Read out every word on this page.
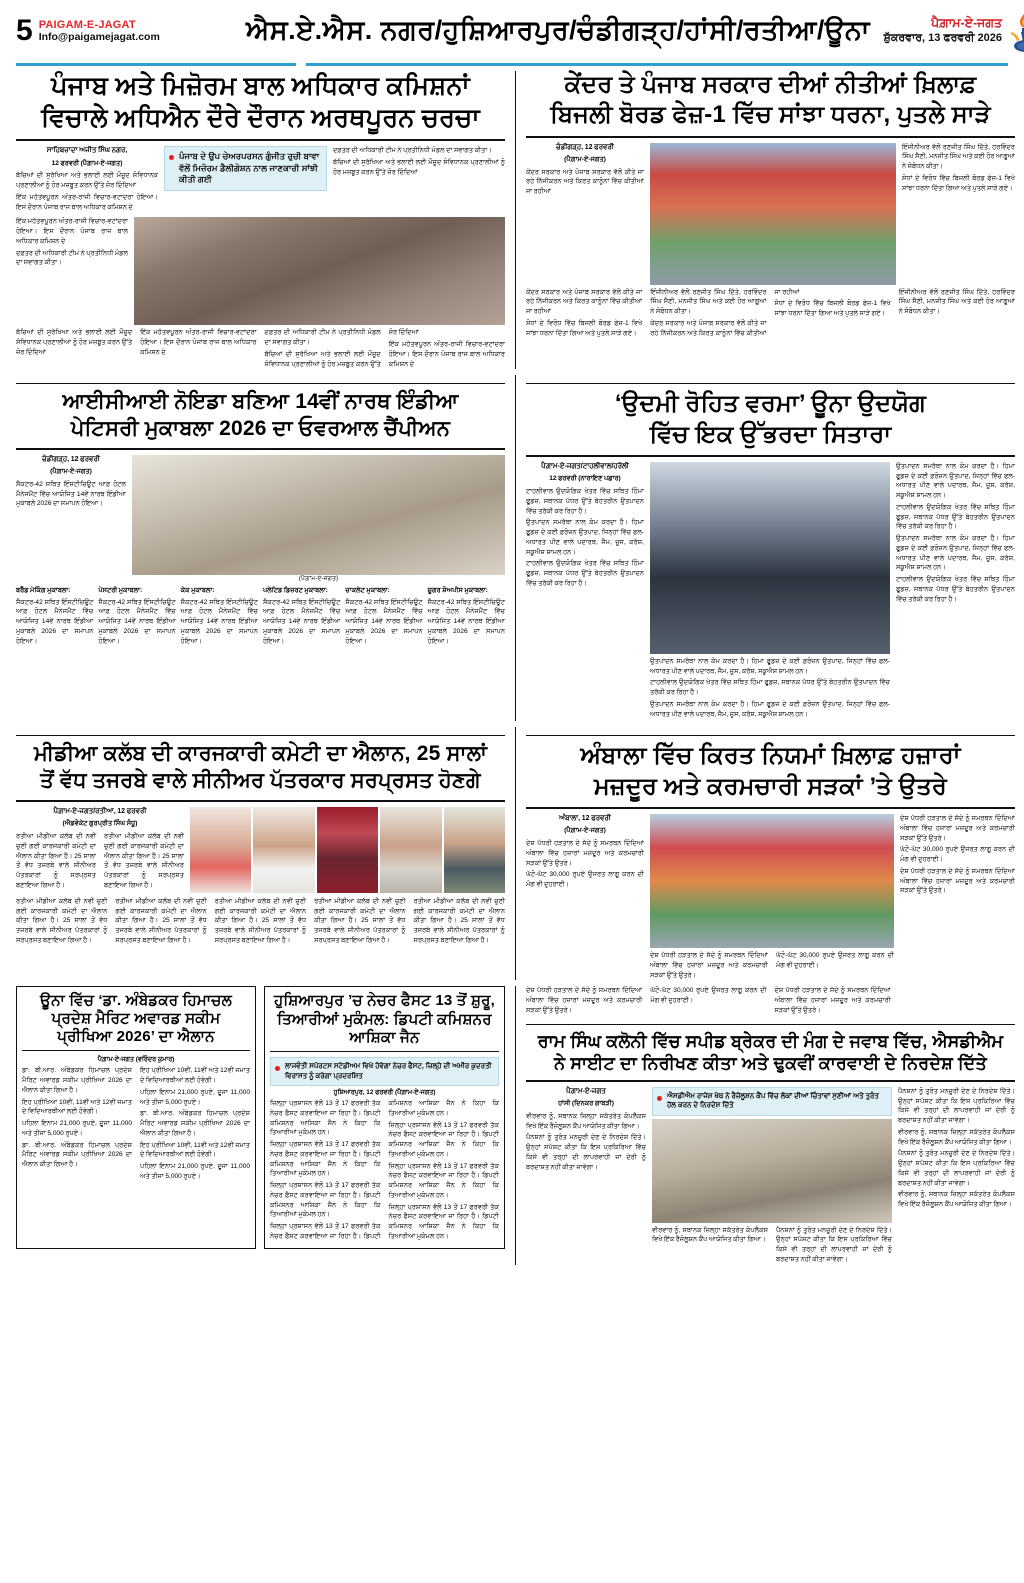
5 PAIGAM-E-JAGAT
Info@paigamejagat.com	ਐਸ.ਏ.ਐਸ. ਨਗਰ/ਹੁਸ਼ਿਆਰਪੁਰ/ਚੰਡੀਗੜ੍ਹ/ਹਾਂਸੀ/ਰਤੀਆ/ਊਨਾ	ਪੈਗ਼ਾਮ-ਏ-ਜਗਤ
ਸ਼ੁੱਕਰਵਾਰ, 13 ਫਰਵਰੀ 2026
ਪੰਜਾਬ ਅਤੇ ਮਿਜ਼ੋਰਮ ਬਾਲ ਅਧਿਕਾਰ ਕਮਿਸ਼ਨਾਂ
ਵਿਚਾਲੇ ਅਧਿਐਨ ਦੌਰੇ ਦੌਰਾਨ ਅਰਥਪੂਰਨ ਚਰਚਾ
ਸਾਹਿਬਜ਼ਾਦਾ ਅਜੀਤ ਸਿੰਘ ਨਗਰ,
12 ਫਰਵਰੀ (ਪੈਗ਼ਾਮ-ਏ-ਜਗਤ)

ਬੱਚਿਆਂ ਦੀ ਸੁਰੱਖਿਆ ਅਤੇ ਭਲਾਈ ਲਈ ਮੌਜੂਦ ਸੰਵਿਧਾਨਕ ਪ੍ਰਣਾਲੀਆਂ ਨੂੰ ਹੋਰ ਮਜ਼ਬੂਤ ਕਰਨ ਉੱਤੇ ਜ਼ੋਰ ਦਿੰਦਿਆਂ

ਇੱਕ ਮਹੱਤਵਪੂਰਨ ਅੰਤਰ-ਰਾਜੀ ਵਿਚਾਰ-ਵਟਾਂਦਰਾ ਹੋਇਆ। ਇਸ ਦੌਰਾਨ ਪੰਜਾਬ ਰਾਜ ਬਾਲ ਅਧਿਕਾਰ ਕਮਿਸ਼ਨ ਦੇ

ਪੰਜਾਬ ਦੇ ਉਪ ਚੇਅਰਪਰਸਨ ਗੁੰਜੀਤ ਰੁਚੀ ਬਾਵਾ ਵੱਲੋਂ ਮਿਜ਼ੋਰਮ ਡੈਲੀਗੇਸ਼ਨ ਨਾਲ ਜਾਣਕਾਰੀ ਸਾਂਝੀ ਕੀਤੀ ਗਈ

ਦਫ਼ਤਰ ਦੀ ਅਧਿਕਾਰੀ ਟੀਮ ਨੇ ਪ੍ਰਤੀਨਿਧੀ ਮੰਡਲ ਦਾ ਸਵਾਗਤ ਕੀਤਾ।

ਬੱਚਿਆਂ ਦੀ ਸੁਰੱਖਿਆ ਅਤੇ ਭਲਾਈ ਲਈ ਮੌਜੂਦ ਸੰਵਿਧਾਨਕ ਪ੍ਰਣਾਲੀਆਂ ਨੂੰ ਹੋਰ ਮਜ਼ਬੂਤ ਕਰਨ ਉੱਤੇ ਜ਼ੋਰ ਦਿੰਦਿਆਂ

ਇੱਕ ਮਹੱਤਵਪੂਰਨ ਅੰਤਰ-ਰਾਜੀ ਵਿਚਾਰ-ਵਟਾਂਦਰਾ ਹੋਇਆ। ਇਸ ਦੌਰਾਨ ਪੰਜਾਬ ਰਾਜ ਬਾਲ ਅਧਿਕਾਰ ਕਮਿਸ਼ਨ ਦੇ

ਦਫ਼ਤਰ ਦੀ ਅਧਿਕਾਰੀ ਟੀਮ ਨੇ ਪ੍ਰਤੀਨਿਧੀ ਮੰਡਲ ਦਾ ਸਵਾਗਤ ਕੀਤਾ।

ਬੱਚਿਆਂ ਦੀ ਸੁਰੱਖਿਆ ਅਤੇ ਭਲਾਈ ਲਈ ਮੌਜੂਦ ਸੰਵਿਧਾਨਕ ਪ੍ਰਣਾਲੀਆਂ ਨੂੰ ਹੋਰ ਮਜ਼ਬੂਤ ਕਰਨ ਉੱਤੇ ਜ਼ੋਰ ਦਿੰਦਿਆਂ

ਇੱਕ ਮਹੱਤਵਪੂਰਨ ਅੰਤਰ-ਰਾਜੀ ਵਿਚਾਰ-ਵਟਾਂਦਰਾ ਹੋਇਆ। ਇਸ ਦੌਰਾਨ ਪੰਜਾਬ ਰਾਜ ਬਾਲ ਅਧਿਕਾਰ ਕਮਿਸ਼ਨ ਦੇ

ਦਫ਼ਤਰ ਦੀ ਅਧਿਕਾਰੀ ਟੀਮ ਨੇ ਪ੍ਰਤੀਨਿਧੀ ਮੰਡਲ ਦਾ ਸਵਾਗਤ ਕੀਤਾ।

ਬੱਚਿਆਂ ਦੀ ਸੁਰੱਖਿਆ ਅਤੇ ਭਲਾਈ ਲਈ ਮੌਜੂਦ ਸੰਵਿਧਾਨਕ ਪ੍ਰਣਾਲੀਆਂ ਨੂੰ ਹੋਰ ਮਜ਼ਬੂਤ ਕਰਨ ਉੱਤੇ ਜ਼ੋਰ ਦਿੰਦਿਆਂ

ਇੱਕ ਮਹੱਤਵਪੂਰਨ ਅੰਤਰ-ਰਾਜੀ ਵਿਚਾਰ-ਵਟਾਂਦਰਾ ਹੋਇਆ। ਇਸ ਦੌਰਾਨ ਪੰਜਾਬ ਰਾਜ ਬਾਲ ਅਧਿਕਾਰ ਕਮਿਸ਼ਨ ਦੇ

ਕੇਂਦਰ ਤੇ ਪੰਜਾਬ ਸਰਕਾਰ ਦੀਆਂ ਨੀਤੀਆਂ ਖ਼ਿਲਾਫ਼
ਬਿਜਲੀ ਬੋਰਡ ਫੇਜ਼-1 ਵਿੱਚ ਸਾਂਝਾ ਧਰਨਾ, ਪੁਤਲੇ ਸਾੜੇ
ਚੰਡੀਗੜ੍ਹ, 12 ਫਰਵਰੀ
(ਪੈਗ਼ਾਮ-ਏ-ਜਗਤ)

ਕੇਂਦਰ ਸਰਕਾਰ ਅਤੇ ਪੰਜਾਬ ਸਰਕਾਰ ਵੱਲੋਂ ਕੀਤੇ ਜਾ ਰਹੇ ਨਿੱਜੀਕਰਨ ਅਤੇ ਕਿਰਤ ਕਾਨੂੰਨਾਂ ਵਿੱਚ ਕੀਤੀਆਂ ਜਾ ਰਹੀਆਂ

ਇੰਜੀਨੀਅਰ ਵੱਲੋਂ ਰਣਜੀਤ ਸਿੰਘ ਦਿੱਤੇ, ਹਰਵਿੰਦਰ ਸਿੰਘ ਸੈਣੀ, ਮਨਜੀਤ ਸਿੰਘ ਅਤੇ ਕਈ ਹੋਰ ਆਗੂਆਂ ਨੇ ਸੰਬੋਧਨ ਕੀਤਾ।

ਸੋਧਾਂ ਦੇ ਵਿਰੋਧ ਵਿੱਚ ਬਿਜਲੀ ਬੋਰਡ ਫੇਜ਼-1 ਵਿਖੇ ਸਾਂਝਾ ਧਰਨਾ ਦਿੱਤਾ ਗਿਆ ਅਤੇ ਪੁਤਲੇ ਸਾੜੇ ਗਏ।

ਕੇਂਦਰ ਸਰਕਾਰ ਅਤੇ ਪੰਜਾਬ ਸਰਕਾਰ ਵੱਲੋਂ ਕੀਤੇ ਜਾ ਰਹੇ ਨਿੱਜੀਕਰਨ ਅਤੇ ਕਿਰਤ ਕਾਨੂੰਨਾਂ ਵਿੱਚ ਕੀਤੀਆਂ ਜਾ ਰਹੀਆਂ

ਸੋਧਾਂ ਦੇ ਵਿਰੋਧ ਵਿੱਚ ਬਿਜਲੀ ਬੋਰਡ ਫੇਜ਼-1 ਵਿਖੇ ਸਾਂਝਾ ਧਰਨਾ ਦਿੱਤਾ ਗਿਆ ਅਤੇ ਪੁਤਲੇ ਸਾੜੇ ਗਏ।

ਇੰਜੀਨੀਅਰ ਵੱਲੋਂ ਰਣਜੀਤ ਸਿੰਘ ਦਿੱਤੇ, ਹਰਵਿੰਦਰ ਸਿੰਘ ਸੈਣੀ, ਮਨਜੀਤ ਸਿੰਘ ਅਤੇ ਕਈ ਹੋਰ ਆਗੂਆਂ ਨੇ ਸੰਬੋਧਨ ਕੀਤਾ।

ਕੇਂਦਰ ਸਰਕਾਰ ਅਤੇ ਪੰਜਾਬ ਸਰਕਾਰ ਵੱਲੋਂ ਕੀਤੇ ਜਾ ਰਹੇ ਨਿੱਜੀਕਰਨ ਅਤੇ ਕਿਰਤ ਕਾਨੂੰਨਾਂ ਵਿੱਚ ਕੀਤੀਆਂ ਜਾ ਰਹੀਆਂ

ਸੋਧਾਂ ਦੇ ਵਿਰੋਧ ਵਿੱਚ ਬਿਜਲੀ ਬੋਰਡ ਫੇਜ਼-1 ਵਿਖੇ ਸਾਂਝਾ ਧਰਨਾ ਦਿੱਤਾ ਗਿਆ ਅਤੇ ਪੁਤਲੇ ਸਾੜੇ ਗਏ।

ਇੰਜੀਨੀਅਰ ਵੱਲੋਂ ਰਣਜੀਤ ਸਿੰਘ ਦਿੱਤੇ, ਹਰਵਿੰਦਰ ਸਿੰਘ ਸੈਣੀ, ਮਨਜੀਤ ਸਿੰਘ ਅਤੇ ਕਈ ਹੋਰ ਆਗੂਆਂ ਨੇ ਸੰਬੋਧਨ ਕੀਤਾ।

ਆਈਸੀਆਈ ਨੋਇਡਾ ਬਣਿਆ 14ਵੀਂ ਨਾਰਥ ਇੰਡੀਆ
ਪੇਟਿਸਰੀ ਮੁਕਾਬਲਾ 2026 ਦਾ ਓਵਰਆਲ ਚੈਂਪੀਅਨ
ਚੰਡੀਗੜ੍ਹ, 12 ਫਰਵਰੀ
(ਪੈਗ਼ਾਮ-ਏ-ਜਗਤ)

ਸੈਕਟਰ-42 ਸਥਿਤ ਇੰਸਟੀਚਿਊਟ ਆਫ਼ ਹੋਟਲ ਮੈਨੇਜਮੈਂਟ ਵਿੱਚ ਆਯੋਜਿਤ 14ਵੇਂ ਨਾਰਥ ਇੰਡੀਆ ਮੁਕਾਬਲੇ 2026 ਦਾ ਸਮਾਪਨ ਹੋਇਆ।

(ਪੈਗ਼ਾਮ-ਏ-ਜਗਤ)

ਬਰੈੱਡ ਮੇਕਿੰਗ ਮੁਕਾਬਲਾ:

ਸੈਕਟਰ-42 ਸਥਿਤ ਇੰਸਟੀਚਿਊਟ ਆਫ਼ ਹੋਟਲ ਮੈਨੇਜਮੈਂਟ ਵਿੱਚ ਆਯੋਜਿਤ 14ਵੇਂ ਨਾਰਥ ਇੰਡੀਆ ਮੁਕਾਬਲੇ 2026 ਦਾ ਸਮਾਪਨ ਹੋਇਆ।

ਪੇਸਟਰੀ ਮੁਕਾਬਲਾ:

ਸੈਕਟਰ-42 ਸਥਿਤ ਇੰਸਟੀਚਿਊਟ ਆਫ਼ ਹੋਟਲ ਮੈਨੇਜਮੈਂਟ ਵਿੱਚ ਆਯੋਜਿਤ 14ਵੇਂ ਨਾਰਥ ਇੰਡੀਆ ਮੁਕਾਬਲੇ 2026 ਦਾ ਸਮਾਪਨ ਹੋਇਆ।

ਕੇਕ ਮੁਕਾਬਲਾ:

ਸੈਕਟਰ-42 ਸਥਿਤ ਇੰਸਟੀਚਿਊਟ ਆਫ਼ ਹੋਟਲ ਮੈਨੇਜਮੈਂਟ ਵਿੱਚ ਆਯੋਜਿਤ 14ਵੇਂ ਨਾਰਥ ਇੰਡੀਆ ਮੁਕਾਬਲੇ 2026 ਦਾ ਸਮਾਪਨ ਹੋਇਆ।

ਪਲੇਟਿਡ ਡਿਜ਼ਰਟ ਮੁਕਾਬਲਾ:

ਸੈਕਟਰ-42 ਸਥਿਤ ਇੰਸਟੀਚਿਊਟ ਆਫ਼ ਹੋਟਲ ਮੈਨੇਜਮੈਂਟ ਵਿੱਚ ਆਯੋਜਿਤ 14ਵੇਂ ਨਾਰਥ ਇੰਡੀਆ ਮੁਕਾਬਲੇ 2026 ਦਾ ਸਮਾਪਨ ਹੋਇਆ।

ਚਾਕਲੇਟ ਮੁਕਾਬਲਾ:

ਸੈਕਟਰ-42 ਸਥਿਤ ਇੰਸਟੀਚਿਊਟ ਆਫ਼ ਹੋਟਲ ਮੈਨੇਜਮੈਂਟ ਵਿੱਚ ਆਯੋਜਿਤ 14ਵੇਂ ਨਾਰਥ ਇੰਡੀਆ ਮੁਕਾਬਲੇ 2026 ਦਾ ਸਮਾਪਨ ਹੋਇਆ।

ਸ਼ੂਗਰ ਸ਼ੋਅਪੀਸ ਮੁਕਾਬਲਾ:

ਸੈਕਟਰ-42 ਸਥਿਤ ਇੰਸਟੀਚਿਊਟ ਆਫ਼ ਹੋਟਲ ਮੈਨੇਜਮੈਂਟ ਵਿੱਚ ਆਯੋਜਿਤ 14ਵੇਂ ਨਾਰਥ ਇੰਡੀਆ ਮੁਕਾਬਲੇ 2026 ਦਾ ਸਮਾਪਨ ਹੋਇਆ।

‘ਉਦਮੀ ਰੋਹਿਤ ਵਰਮਾ’ ਊਨਾ ਉਦਯੋਗ
ਵਿੱਚ ਇਕ ਉੱਭਰਦਾ ਸਿਤਾਰਾ
ਪੈਗ਼ਾਮ-ਏ-ਜਗਤ/ਟਾਹਲੀਵਾਲ/ਹਰੋਲੀ
12 ਫਰਵਰੀ (ਨਾਰਾਇਣ ਪਛਾਰ)

ਟਾਹਲੀਵਾਲ ਉਦਯੋਗਿਕ ਖੇਤਰ ਵਿੱਚ ਸਥਿਤ ਹਿੰਮਾ ਫੂਡਜ਼, ਸਥਾਨਕ ਪੱਧਰ ਉੱਤੇ ਬੇਹਤਰੀਨ ਉਤਪਾਦਨ ਵਿੱਚ ਤਰੱਕੀ ਕਰ ਰਿਹਾ ਹੈ।

ਉਤਪਾਦਨ ਸਮਰੱਥਾ ਨਾਲ ਕੰਮ ਕਰਦਾ ਹੈ। ਹਿਮਾ ਫੂਡਜ਼ ਦੇ ਕਈ ਫ਼ਰੋਜ਼ਨ ਉਤਪਾਦ, ਜਿਨ੍ਹਾਂ ਵਿੱਚ ਫਲ-ਅਧਾਰਤ ਪੀਣ ਵਾਲੇ ਪਦਾਰਥ, ਜੈਮ, ਜੂਸ, ਕਰੱਸ਼, ਸਕੂਐਸ਼ ਸ਼ਾਮਲ ਹਨ।

ਟਾਹਲੀਵਾਲ ਉਦਯੋਗਿਕ ਖੇਤਰ ਵਿੱਚ ਸਥਿਤ ਹਿੰਮਾ ਫੂਡਜ਼, ਸਥਾਨਕ ਪੱਧਰ ਉੱਤੇ ਬੇਹਤਰੀਨ ਉਤਪਾਦਨ ਵਿੱਚ ਤਰੱਕੀ ਕਰ ਰਿਹਾ ਹੈ।

ਉਤਪਾਦਨ ਸਮਰੱਥਾ ਨਾਲ ਕੰਮ ਕਰਦਾ ਹੈ। ਹਿਮਾ ਫੂਡਜ਼ ਦੇ ਕਈ ਫ਼ਰੋਜ਼ਨ ਉਤਪਾਦ, ਜਿਨ੍ਹਾਂ ਵਿੱਚ ਫਲ-ਅਧਾਰਤ ਪੀਣ ਵਾਲੇ ਪਦਾਰਥ, ਜੈਮ, ਜੂਸ, ਕਰੱਸ਼, ਸਕੂਐਸ਼ ਸ਼ਾਮਲ ਹਨ।

ਟਾਹਲੀਵਾਲ ਉਦਯੋਗਿਕ ਖੇਤਰ ਵਿੱਚ ਸਥਿਤ ਹਿੰਮਾ ਫੂਡਜ਼, ਸਥਾਨਕ ਪੱਧਰ ਉੱਤੇ ਬੇਹਤਰੀਨ ਉਤਪਾਦਨ ਵਿੱਚ ਤਰੱਕੀ ਕਰ ਰਿਹਾ ਹੈ।

ਉਤਪਾਦਨ ਸਮਰੱਥਾ ਨਾਲ ਕੰਮ ਕਰਦਾ ਹੈ। ਹਿਮਾ ਫੂਡਜ਼ ਦੇ ਕਈ ਫ਼ਰੋਜ਼ਨ ਉਤਪਾਦ, ਜਿਨ੍ਹਾਂ ਵਿੱਚ ਫਲ-ਅਧਾਰਤ ਪੀਣ ਵਾਲੇ ਪਦਾਰਥ, ਜੈਮ, ਜੂਸ, ਕਰੱਸ਼, ਸਕੂਐਸ਼ ਸ਼ਾਮਲ ਹਨ।

ਉਤਪਾਦਨ ਸਮਰੱਥਾ ਨਾਲ ਕੰਮ ਕਰਦਾ ਹੈ। ਹਿਮਾ ਫੂਡਜ਼ ਦੇ ਕਈ ਫ਼ਰੋਜ਼ਨ ਉਤਪਾਦ, ਜਿਨ੍ਹਾਂ ਵਿੱਚ ਫਲ-ਅਧਾਰਤ ਪੀਣ ਵਾਲੇ ਪਦਾਰਥ, ਜੈਮ, ਜੂਸ, ਕਰੱਸ਼, ਸਕੂਐਸ਼ ਸ਼ਾਮਲ ਹਨ।

ਟਾਹਲੀਵਾਲ ਉਦਯੋਗਿਕ ਖੇਤਰ ਵਿੱਚ ਸਥਿਤ ਹਿੰਮਾ ਫੂਡਜ਼, ਸਥਾਨਕ ਪੱਧਰ ਉੱਤੇ ਬੇਹਤਰੀਨ ਉਤਪਾਦਨ ਵਿੱਚ ਤਰੱਕੀ ਕਰ ਰਿਹਾ ਹੈ।

ਉਤਪਾਦਨ ਸਮਰੱਥਾ ਨਾਲ ਕੰਮ ਕਰਦਾ ਹੈ। ਹਿਮਾ ਫੂਡਜ਼ ਦੇ ਕਈ ਫ਼ਰੋਜ਼ਨ ਉਤਪਾਦ, ਜਿਨ੍ਹਾਂ ਵਿੱਚ ਫਲ-ਅਧਾਰਤ ਪੀਣ ਵਾਲੇ ਪਦਾਰਥ, ਜੈਮ, ਜੂਸ, ਕਰੱਸ਼, ਸਕੂਐਸ਼ ਸ਼ਾਮਲ ਹਨ।

ਟਾਹਲੀਵਾਲ ਉਦਯੋਗਿਕ ਖੇਤਰ ਵਿੱਚ ਸਥਿਤ ਹਿੰਮਾ ਫੂਡਜ਼, ਸਥਾਨਕ ਪੱਧਰ ਉੱਤੇ ਬੇਹਤਰੀਨ ਉਤਪਾਦਨ ਵਿੱਚ ਤਰੱਕੀ ਕਰ ਰਿਹਾ ਹੈ।

ਮੀਡੀਆ ਕਲੱਬ ਦੀ ਕਾਰਜਕਾਰੀ ਕਮੇਟੀ ਦਾ ਐਲਾਨ, 25 ਸਾਲਾਂ
ਤੋਂ ਵੱਧ ਤਜਰਬੇ ਵਾਲੇ ਸੀਨੀਅਰ ਪੱਤਰਕਾਰ ਸਰਪ੍ਰਸਤ ਹੋਣਗੇ
ਪੈਗ਼ਾਮ-ਏ-ਜਗਤ/ਰਤੀਆ, 12 ਫਰਵਰੀ
(ਐਡਵੋਕੇਟ ਗੁਰਪ੍ਰੀਤ ਸਿੰਘ ਸੰਧੂ)

ਰਤੀਆ ਮੀਡੀਆ ਕਲੱਬ ਦੀ ਨਵੀਂ ਚੁਣੀ ਗਈ ਕਾਰਜਕਾਰੀ ਕਮੇਟੀ ਦਾ ਐਲਾਨ ਕੀਤਾ ਗਿਆ ਹੈ। 25 ਸਾਲਾਂ ਤੋਂ ਵੱਧ ਤਜਰਬੇ ਵਾਲੇ ਸੀਨੀਅਰ ਪੱਤਰਕਾਰਾਂ ਨੂੰ ਸਰਪ੍ਰਸਤ ਬਣਾਇਆ ਗਿਆ ਹੈ।

ਰਤੀਆ ਮੀਡੀਆ ਕਲੱਬ ਦੀ ਨਵੀਂ ਚੁਣੀ ਗਈ ਕਾਰਜਕਾਰੀ ਕਮੇਟੀ ਦਾ ਐਲਾਨ ਕੀਤਾ ਗਿਆ ਹੈ। 25 ਸਾਲਾਂ ਤੋਂ ਵੱਧ ਤਜਰਬੇ ਵਾਲੇ ਸੀਨੀਅਰ ਪੱਤਰਕਾਰਾਂ ਨੂੰ ਸਰਪ੍ਰਸਤ ਬਣਾਇਆ ਗਿਆ ਹੈ।

ਰਤੀਆ ਮੀਡੀਆ ਕਲੱਬ ਦੀ ਨਵੀਂ ਚੁਣੀ ਗਈ ਕਾਰਜਕਾਰੀ ਕਮੇਟੀ ਦਾ ਐਲਾਨ ਕੀਤਾ ਗਿਆ ਹੈ। 25 ਸਾਲਾਂ ਤੋਂ ਵੱਧ ਤਜਰਬੇ ਵਾਲੇ ਸੀਨੀਅਰ ਪੱਤਰਕਾਰਾਂ ਨੂੰ ਸਰਪ੍ਰਸਤ ਬਣਾਇਆ ਗਿਆ ਹੈ।

ਰਤੀਆ ਮੀਡੀਆ ਕਲੱਬ ਦੀ ਨਵੀਂ ਚੁਣੀ ਗਈ ਕਾਰਜਕਾਰੀ ਕਮੇਟੀ ਦਾ ਐਲਾਨ ਕੀਤਾ ਗਿਆ ਹੈ। 25 ਸਾਲਾਂ ਤੋਂ ਵੱਧ ਤਜਰਬੇ ਵਾਲੇ ਸੀਨੀਅਰ ਪੱਤਰਕਾਰਾਂ ਨੂੰ ਸਰਪ੍ਰਸਤ ਬਣਾਇਆ ਗਿਆ ਹੈ।

ਰਤੀਆ ਮੀਡੀਆ ਕਲੱਬ ਦੀ ਨਵੀਂ ਚੁਣੀ ਗਈ ਕਾਰਜਕਾਰੀ ਕਮੇਟੀ ਦਾ ਐਲਾਨ ਕੀਤਾ ਗਿਆ ਹੈ। 25 ਸਾਲਾਂ ਤੋਂ ਵੱਧ ਤਜਰਬੇ ਵਾਲੇ ਸੀਨੀਅਰ ਪੱਤਰਕਾਰਾਂ ਨੂੰ ਸਰਪ੍ਰਸਤ ਬਣਾਇਆ ਗਿਆ ਹੈ।

ਰਤੀਆ ਮੀਡੀਆ ਕਲੱਬ ਦੀ ਨਵੀਂ ਚੁਣੀ ਗਈ ਕਾਰਜਕਾਰੀ ਕਮੇਟੀ ਦਾ ਐਲਾਨ ਕੀਤਾ ਗਿਆ ਹੈ। 25 ਸਾਲਾਂ ਤੋਂ ਵੱਧ ਤਜਰਬੇ ਵਾਲੇ ਸੀਨੀਅਰ ਪੱਤਰਕਾਰਾਂ ਨੂੰ ਸਰਪ੍ਰਸਤ ਬਣਾਇਆ ਗਿਆ ਹੈ।

ਰਤੀਆ ਮੀਡੀਆ ਕਲੱਬ ਦੀ ਨਵੀਂ ਚੁਣੀ ਗਈ ਕਾਰਜਕਾਰੀ ਕਮੇਟੀ ਦਾ ਐਲਾਨ ਕੀਤਾ ਗਿਆ ਹੈ। 25 ਸਾਲਾਂ ਤੋਂ ਵੱਧ ਤਜਰਬੇ ਵਾਲੇ ਸੀਨੀਅਰ ਪੱਤਰਕਾਰਾਂ ਨੂੰ ਸਰਪ੍ਰਸਤ ਬਣਾਇਆ ਗਿਆ ਹੈ।

ਅੰਬਾਲਾ ਵਿੱਚ ਕਿਰਤ ਨਿਯਮਾਂ ਖ਼ਿਲਾਫ਼ ਹਜ਼ਾਰਾਂ
ਮਜ਼ਦੂਰ ਅਤੇ ਕਰਮਚਾਰੀ ਸੜਕਾਂ ’ਤੇ ਉਤਰੇ
ਅੰਬਾਲਾ, 12 ਫਰਵਰੀ
(ਪੈਗ਼ਾਮ-ਏ-ਜਗਤ)

ਦੇਸ਼ ਪੱਧਰੀ ਹੜਤਾਲ ਦੇ ਸੱਦੇ ਨੂੰ ਸਮਰਥਨ ਦਿੰਦਿਆਂ ਅੰਬਾਲਾ ਵਿੱਚ ਹਜ਼ਾਰਾਂ ਮਜ਼ਦੂਰ ਅਤੇ ਕਰਮਚਾਰੀ ਸੜਕਾਂ ਉੱਤੇ ਉਤਰੇ।

ਘੱਟੋ-ਘੱਟ 30,000 ਰੁਪਏ ਉਜਰਤ ਲਾਗੂ ਕਰਨ ਦੀ ਮੰਗ ਵੀ ਦੁਹਰਾਈ।

ਦੇਸ਼ ਪੱਧਰੀ ਹੜਤਾਲ ਦੇ ਸੱਦੇ ਨੂੰ ਸਮਰਥਨ ਦਿੰਦਿਆਂ ਅੰਬਾਲਾ ਵਿੱਚ ਹਜ਼ਾਰਾਂ ਮਜ਼ਦੂਰ ਅਤੇ ਕਰਮਚਾਰੀ ਸੜਕਾਂ ਉੱਤੇ ਉਤਰੇ।

ਘੱਟੋ-ਘੱਟ 30,000 ਰੁਪਏ ਉਜਰਤ ਲਾਗੂ ਕਰਨ ਦੀ ਮੰਗ ਵੀ ਦੁਹਰਾਈ।

ਦੇਸ਼ ਪੱਧਰੀ ਹੜਤਾਲ ਦੇ ਸੱਦੇ ਨੂੰ ਸਮਰਥਨ ਦਿੰਦਿਆਂ ਅੰਬਾਲਾ ਵਿੱਚ ਹਜ਼ਾਰਾਂ ਮਜ਼ਦੂਰ ਅਤੇ ਕਰਮਚਾਰੀ ਸੜਕਾਂ ਉੱਤੇ ਉਤਰੇ।

ਘੱਟੋ-ਘੱਟ 30,000 ਰੁਪਏ ਉਜਰਤ ਲਾਗੂ ਕਰਨ ਦੀ ਮੰਗ ਵੀ ਦੁਹਰਾਈ।

ਦੇਸ਼ ਪੱਧਰੀ ਹੜਤਾਲ ਦੇ ਸੱਦੇ ਨੂੰ ਸਮਰਥਨ ਦਿੰਦਿਆਂ ਅੰਬਾਲਾ ਵਿੱਚ ਹਜ਼ਾਰਾਂ ਮਜ਼ਦੂਰ ਅਤੇ ਕਰਮਚਾਰੀ ਸੜਕਾਂ ਉੱਤੇ ਉਤਰੇ।

ਊਨਾ ਵਿੱਚ ‘ਡਾ. ਅੰਬੇਡਕਰ ਹਿਮਾਚਲ
ਪ੍ਰਦੇਸ਼ ਮੈਰਿਟ ਅਵਾਰਡ ਸਕੀਮ
ਪ੍ਰੀਖਿਆ 2026’ ਦਾ ਐਲਾਨ
ਪੈਗ਼ਾਮ-ਏ-ਜਗਤ (ਵਰਿੰਦਰ ਕੁਮਾਰ)

ਡਾ. ਬੀ.ਆਰ. ਅੰਬੇਡਕਰ ਹਿਮਾਚਲ ਪ੍ਰਦੇਸ਼ ਮੈਰਿਟ ਅਵਾਰਡ ਸਕੀਮ ਪ੍ਰੀਖਿਆ 2026 ਦਾ ਐਲਾਨ ਕੀਤਾ ਗਿਆ ਹੈ।

ਇਹ ਪ੍ਰੀਖਿਆ 10ਵੀਂ, 11ਵੀਂ ਅਤੇ 12ਵੀਂ ਜਮਾਤ ਦੇ ਵਿਦਿਆਰਥੀਆਂ ਲਈ ਹੋਵੇਗੀ।

ਪਹਿਲਾ ਇਨਾਮ 21,000 ਰੁਪਏ, ਦੂਜਾ 11,000 ਅਤੇ ਤੀਜਾ 5,000 ਰੁਪਏ।

ਡਾ. ਬੀ.ਆਰ. ਅੰਬੇਡਕਰ ਹਿਮਾਚਲ ਪ੍ਰਦੇਸ਼ ਮੈਰਿਟ ਅਵਾਰਡ ਸਕੀਮ ਪ੍ਰੀਖਿਆ 2026 ਦਾ ਐਲਾਨ ਕੀਤਾ ਗਿਆ ਹੈ।

ਇਹ ਪ੍ਰੀਖਿਆ 10ਵੀਂ, 11ਵੀਂ ਅਤੇ 12ਵੀਂ ਜਮਾਤ ਦੇ ਵਿਦਿਆਰਥੀਆਂ ਲਈ ਹੋਵੇਗੀ।

ਪਹਿਲਾ ਇਨਾਮ 21,000 ਰੁਪਏ, ਦੂਜਾ 11,000 ਅਤੇ ਤੀਜਾ 5,000 ਰੁਪਏ।

ਡਾ. ਬੀ.ਆਰ. ਅੰਬੇਡਕਰ ਹਿਮਾਚਲ ਪ੍ਰਦੇਸ਼ ਮੈਰਿਟ ਅਵਾਰਡ ਸਕੀਮ ਪ੍ਰੀਖਿਆ 2026 ਦਾ ਐਲਾਨ ਕੀਤਾ ਗਿਆ ਹੈ।

ਇਹ ਪ੍ਰੀਖਿਆ 10ਵੀਂ, 11ਵੀਂ ਅਤੇ 12ਵੀਂ ਜਮਾਤ ਦੇ ਵਿਦਿਆਰਥੀਆਂ ਲਈ ਹੋਵੇਗੀ।

ਪਹਿਲਾ ਇਨਾਮ 21,000 ਰੁਪਏ, ਦੂਜਾ 11,000 ਅਤੇ ਤੀਜਾ 5,000 ਰੁਪਏ।

ਹੁਸ਼ਿਆਰਪੁਰ ’ਚ ਨੇਚਰ ਫੈਸਟ 13 ਤੋਂ ਸ਼ੁਰੂ,
ਤਿਆਰੀਆਂ ਮੁਕੰਮਲ: ਡਿਪਟੀ ਕਮਿਸ਼ਨਰ ਆਸ਼ਿਕਾ ਜੈਨ
ਲਾਜਵੰਤੀ ਸਪੋਰਟਸ ਸਟੇਡੀਅਮ ਵਿਖੇ ਹੋਵੇਗਾ ਨੇਚਰ ਫੈਸਟ, ਜ਼ਿਲ੍ਹੇ ਦੀ ਅਮੀਰ ਕੁਦਰਤੀ ਵਿਰਾਸਤ ਨੂੰ ਕਰੇਗਾ ਪ੍ਰਦਰਸ਼ਿਤ
ਹੁਸ਼ਿਆਰਪੁਰ, 12 ਫਰਵਰੀ (ਪੈਗ਼ਾਮ-ਏ-ਜਗਤ)

ਜ਼ਿਲ੍ਹਾ ਪ੍ਰਸ਼ਾਸਨ ਵੱਲੋਂ 13 ਤੋਂ 17 ਫਰਵਰੀ ਤੱਕ ਨੇਚਰ ਫੈਸਟ ਕਰਵਾਇਆ ਜਾ ਰਿਹਾ ਹੈ। ਡਿਪਟੀ ਕਮਿਸ਼ਨਰ ਆਸ਼ਿਕਾ ਜੈਨ ਨੇ ਕਿਹਾ ਕਿ ਤਿਆਰੀਆਂ ਮੁਕੰਮਲ ਹਨ।

ਜ਼ਿਲ੍ਹਾ ਪ੍ਰਸ਼ਾਸਨ ਵੱਲੋਂ 13 ਤੋਂ 17 ਫਰਵਰੀ ਤੱਕ ਨੇਚਰ ਫੈਸਟ ਕਰਵਾਇਆ ਜਾ ਰਿਹਾ ਹੈ। ਡਿਪਟੀ ਕਮਿਸ਼ਨਰ ਆਸ਼ਿਕਾ ਜੈਨ ਨੇ ਕਿਹਾ ਕਿ ਤਿਆਰੀਆਂ ਮੁਕੰਮਲ ਹਨ।

ਜ਼ਿਲ੍ਹਾ ਪ੍ਰਸ਼ਾਸਨ ਵੱਲੋਂ 13 ਤੋਂ 17 ਫਰਵਰੀ ਤੱਕ ਨੇਚਰ ਫੈਸਟ ਕਰਵਾਇਆ ਜਾ ਰਿਹਾ ਹੈ। ਡਿਪਟੀ ਕਮਿਸ਼ਨਰ ਆਸ਼ਿਕਾ ਜੈਨ ਨੇ ਕਿਹਾ ਕਿ ਤਿਆਰੀਆਂ ਮੁਕੰਮਲ ਹਨ।

ਜ਼ਿਲ੍ਹਾ ਪ੍ਰਸ਼ਾਸਨ ਵੱਲੋਂ 13 ਤੋਂ 17 ਫਰਵਰੀ ਤੱਕ ਨੇਚਰ ਫੈਸਟ ਕਰਵਾਇਆ ਜਾ ਰਿਹਾ ਹੈ। ਡਿਪਟੀ ਕਮਿਸ਼ਨਰ ਆਸ਼ਿਕਾ ਜੈਨ ਨੇ ਕਿਹਾ ਕਿ ਤਿਆਰੀਆਂ ਮੁਕੰਮਲ ਹਨ।

ਜ਼ਿਲ੍ਹਾ ਪ੍ਰਸ਼ਾਸਨ ਵੱਲੋਂ 13 ਤੋਂ 17 ਫਰਵਰੀ ਤੱਕ ਨੇਚਰ ਫੈਸਟ ਕਰਵਾਇਆ ਜਾ ਰਿਹਾ ਹੈ। ਡਿਪਟੀ ਕਮਿਸ਼ਨਰ ਆਸ਼ਿਕਾ ਜੈਨ ਨੇ ਕਿਹਾ ਕਿ ਤਿਆਰੀਆਂ ਮੁਕੰਮਲ ਹਨ।

ਜ਼ਿਲ੍ਹਾ ਪ੍ਰਸ਼ਾਸਨ ਵੱਲੋਂ 13 ਤੋਂ 17 ਫਰਵਰੀ ਤੱਕ ਨੇਚਰ ਫੈਸਟ ਕਰਵਾਇਆ ਜਾ ਰਿਹਾ ਹੈ। ਡਿਪਟੀ ਕਮਿਸ਼ਨਰ ਆਸ਼ਿਕਾ ਜੈਨ ਨੇ ਕਿਹਾ ਕਿ ਤਿਆਰੀਆਂ ਮੁਕੰਮਲ ਹਨ।

ਜ਼ਿਲ੍ਹਾ ਪ੍ਰਸ਼ਾਸਨ ਵੱਲੋਂ 13 ਤੋਂ 17 ਫਰਵਰੀ ਤੱਕ ਨੇਚਰ ਫੈਸਟ ਕਰਵਾਇਆ ਜਾ ਰਿਹਾ ਹੈ। ਡਿਪਟੀ ਕਮਿਸ਼ਨਰ ਆਸ਼ਿਕਾ ਜੈਨ ਨੇ ਕਿਹਾ ਕਿ ਤਿਆਰੀਆਂ ਮੁਕੰਮਲ ਹਨ।

ਦੇਸ਼ ਪੱਧਰੀ ਹੜਤਾਲ ਦੇ ਸੱਦੇ ਨੂੰ ਸਮਰਥਨ ਦਿੰਦਿਆਂ ਅੰਬਾਲਾ ਵਿੱਚ ਹਜ਼ਾਰਾਂ ਮਜ਼ਦੂਰ ਅਤੇ ਕਰਮਚਾਰੀ ਸੜਕਾਂ ਉੱਤੇ ਉਤਰੇ।

ਘੱਟੋ-ਘੱਟ 30,000 ਰੁਪਏ ਉਜਰਤ ਲਾਗੂ ਕਰਨ ਦੀ ਮੰਗ ਵੀ ਦੁਹਰਾਈ।

ਦੇਸ਼ ਪੱਧਰੀ ਹੜਤਾਲ ਦੇ ਸੱਦੇ ਨੂੰ ਸਮਰਥਨ ਦਿੰਦਿਆਂ ਅੰਬਾਲਾ ਵਿੱਚ ਹਜ਼ਾਰਾਂ ਮਜ਼ਦੂਰ ਅਤੇ ਕਰਮਚਾਰੀ ਸੜਕਾਂ ਉੱਤੇ ਉਤਰੇ।

ਰਾਮ ਸਿੰਘ ਕਲੋਨੀ ਵਿੱਚ ਸਪੀਡ ਬ੍ਰੇਕਰ ਦੀ ਮੰਗ ਦੇ ਜਵਾਬ ਵਿੱਚ, ਐਸਡੀਐਮ
ਨੇ ਸਾਈਟ ਦਾ ਨਿਰੀਖਣ ਕੀਤਾ ਅਤੇ ਢੁਕਵੀਂ ਕਾਰਵਾਈ ਦੇ ਨਿਰਦੇਸ਼ ਦਿੱਤੇ
ਪੈਗ਼ਾਮ-ਏ-ਜਗਤ
ਹਾਂਸੀ (ਦਿਨਕਰ ਗਾਬੜੀ)

ਵੀਰਵਾਰ ਨੂੰ, ਸਥਾਨਕ ਜ਼ਿਲ੍ਹਾ ਸਕੱਤਰੇਤ ਕੰਪਲੈਕਸ ਵਿਖੇ ਇੱਕ ਰੈਜ਼ੋਲੂਸ਼ਨ ਕੈਂਪ ਆਯੋਜਿਤ ਕੀਤਾ ਗਿਆ।

ਪੈਨਸ਼ਨਾਂ ਨੂੰ ਤੁਰੰਤ ਮਨਜ਼ੂਰੀ ਦੇਣ ਦੇ ਨਿਰਦੇਸ਼ ਦਿੱਤੇ। ਉਨ੍ਹਾਂ ਸਪੱਸ਼ਟ ਕੀਤਾ ਕਿ ਇਸ ਪ੍ਰਕਿਰਿਆ ਵਿੱਚ ਕਿਸੇ ਵੀ ਤਰ੍ਹਾਂ ਦੀ ਲਾਪਰਵਾਹੀ ਜਾਂ ਦੇਰੀ ਨੂੰ ਬਰਦਾਸ਼ਤ ਨਹੀਂ ਕੀਤਾ ਜਾਵੇਗਾ।

ਐਸਡੀਐਮ ਰਾਜੇਸ਼ ਖੋਥ ਨੇ ਰੈਜ਼ੋਲੂਸ਼ਨ ਕੈਂਪ ਵਿੱਚ ਲੋਕਾਂ ਦੀਆਂ ਚਿੰਤਾਵਾਂ ਸੁਣੀਆਂ ਅਤੇ ਤੁਰੰਤ ਹੱਲ ਕਰਨ ਦੇ ਨਿਰਦੇਸ਼ ਦਿੱਤੇ

ਵੀਰਵਾਰ ਨੂੰ, ਸਥਾਨਕ ਜ਼ਿਲ੍ਹਾ ਸਕੱਤਰੇਤ ਕੰਪਲੈਕਸ ਵਿਖੇ ਇੱਕ ਰੈਜ਼ੋਲੂਸ਼ਨ ਕੈਂਪ ਆਯੋਜਿਤ ਕੀਤਾ ਗਿਆ।

ਪੈਨਸ਼ਨਾਂ ਨੂੰ ਤੁਰੰਤ ਮਨਜ਼ੂਰੀ ਦੇਣ ਦੇ ਨਿਰਦੇਸ਼ ਦਿੱਤੇ। ਉਨ੍ਹਾਂ ਸਪੱਸ਼ਟ ਕੀਤਾ ਕਿ ਇਸ ਪ੍ਰਕਿਰਿਆ ਵਿੱਚ ਕਿਸੇ ਵੀ ਤਰ੍ਹਾਂ ਦੀ ਲਾਪਰਵਾਹੀ ਜਾਂ ਦੇਰੀ ਨੂੰ ਬਰਦਾਸ਼ਤ ਨਹੀਂ ਕੀਤਾ ਜਾਵੇਗਾ।

ਪੈਨਸ਼ਨਾਂ ਨੂੰ ਤੁਰੰਤ ਮਨਜ਼ੂਰੀ ਦੇਣ ਦੇ ਨਿਰਦੇਸ਼ ਦਿੱਤੇ। ਉਨ੍ਹਾਂ ਸਪੱਸ਼ਟ ਕੀਤਾ ਕਿ ਇਸ ਪ੍ਰਕਿਰਿਆ ਵਿੱਚ ਕਿਸੇ ਵੀ ਤਰ੍ਹਾਂ ਦੀ ਲਾਪਰਵਾਹੀ ਜਾਂ ਦੇਰੀ ਨੂੰ ਬਰਦਾਸ਼ਤ ਨਹੀਂ ਕੀਤਾ ਜਾਵੇਗਾ।

ਵੀਰਵਾਰ ਨੂੰ, ਸਥਾਨਕ ਜ਼ਿਲ੍ਹਾ ਸਕੱਤਰੇਤ ਕੰਪਲੈਕਸ ਵਿਖੇ ਇੱਕ ਰੈਜ਼ੋਲੂਸ਼ਨ ਕੈਂਪ ਆਯੋਜਿਤ ਕੀਤਾ ਗਿਆ।

ਪੈਨਸ਼ਨਾਂ ਨੂੰ ਤੁਰੰਤ ਮਨਜ਼ੂਰੀ ਦੇਣ ਦੇ ਨਿਰਦੇਸ਼ ਦਿੱਤੇ। ਉਨ੍ਹਾਂ ਸਪੱਸ਼ਟ ਕੀਤਾ ਕਿ ਇਸ ਪ੍ਰਕਿਰਿਆ ਵਿੱਚ ਕਿਸੇ ਵੀ ਤਰ੍ਹਾਂ ਦੀ ਲਾਪਰਵਾਹੀ ਜਾਂ ਦੇਰੀ ਨੂੰ ਬਰਦਾਸ਼ਤ ਨਹੀਂ ਕੀਤਾ ਜਾਵੇਗਾ।

ਵੀਰਵਾਰ ਨੂੰ, ਸਥਾਨਕ ਜ਼ਿਲ੍ਹਾ ਸਕੱਤਰੇਤ ਕੰਪਲੈਕਸ ਵਿਖੇ ਇੱਕ ਰੈਜ਼ੋਲੂਸ਼ਨ ਕੈਂਪ ਆਯੋਜਿਤ ਕੀਤਾ ਗਿਆ।
